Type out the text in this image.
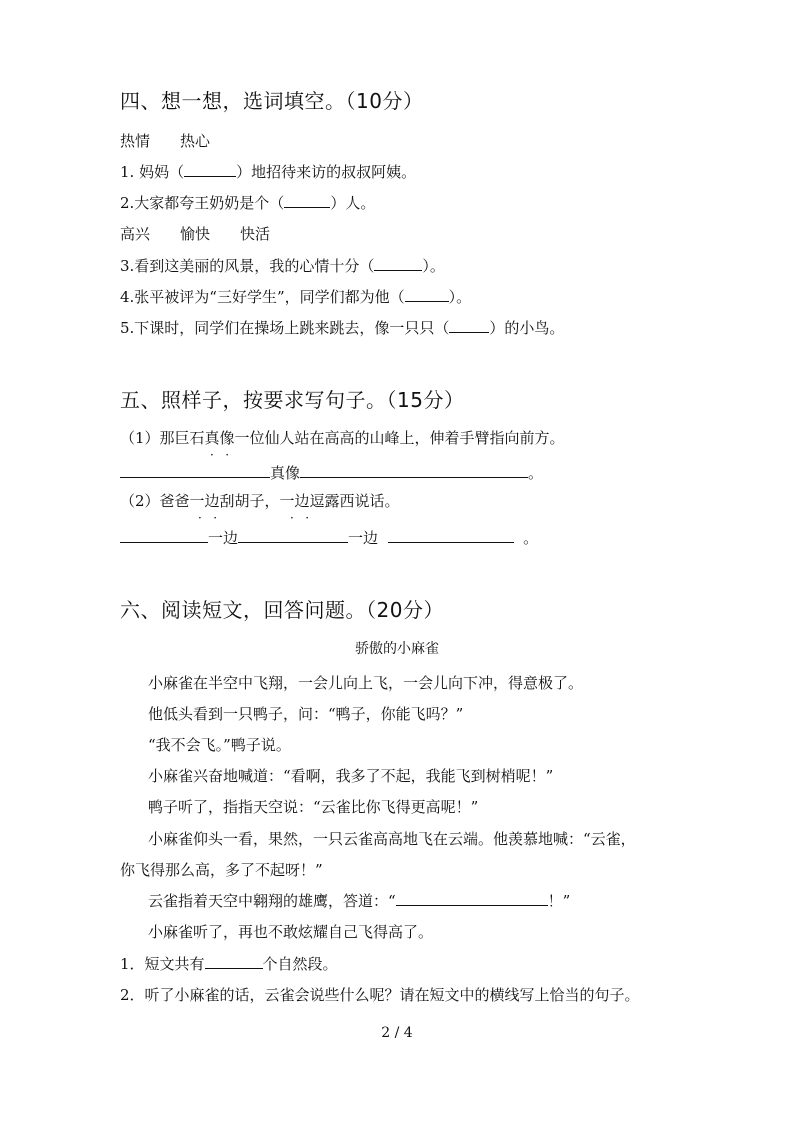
四、想一想，选词填空。（10分）
热情　　热心
1. 妈妈（	）地招待来访的叔叔阿姨。
2.大家都夸王奶奶是个（	）人。
高兴　　愉快　　快活
3.看到这美丽的风景，我的心情十分（	）。
4.张平被评为“三好学生”，同学们都为他（	）。
5.下课时，同学们在操场上跳来跳去，像一只只（	）的小鸟。
五、照样子，按要求写句子。（15分）
（1）那巨石真像一位仙人站在高高的山峰上，伸着手臂指向前方。
·   ·
真像	。
（2）爸爸一边刮胡子，一边逗露西说话。
·   ·	·   ·
一边	一边	。
六、阅读短文，回答问题。（20分）
骄傲的小麻雀
小麻雀在半空中飞翔，一会儿向上飞，一会儿向下冲，得意极了。
他低头看到一只鸭子，问：“鸭子，你能飞吗？”
“我不会飞。”鸭子说。
小麻雀兴奋地喊道：“看啊，我多了不起，我能飞到树梢呢！”
鸭子听了，指指天空说：“云雀比你飞得更高呢！”
小麻雀仰头一看，果然，一只云雀高高地飞在云端。他羡慕地喊：“云雀，
你飞得那么高，多了不起呀！”
云雀指着天空中翱翔的雄鹰，答道：“	！”
小麻雀听了，再也不敢炫耀自己飞得高了。
1．短文共有	个自然段。
2．听了小麻雀的话，云雀会说些什么呢？请在短文中的横线写上恰当的句子。
2 / 4
